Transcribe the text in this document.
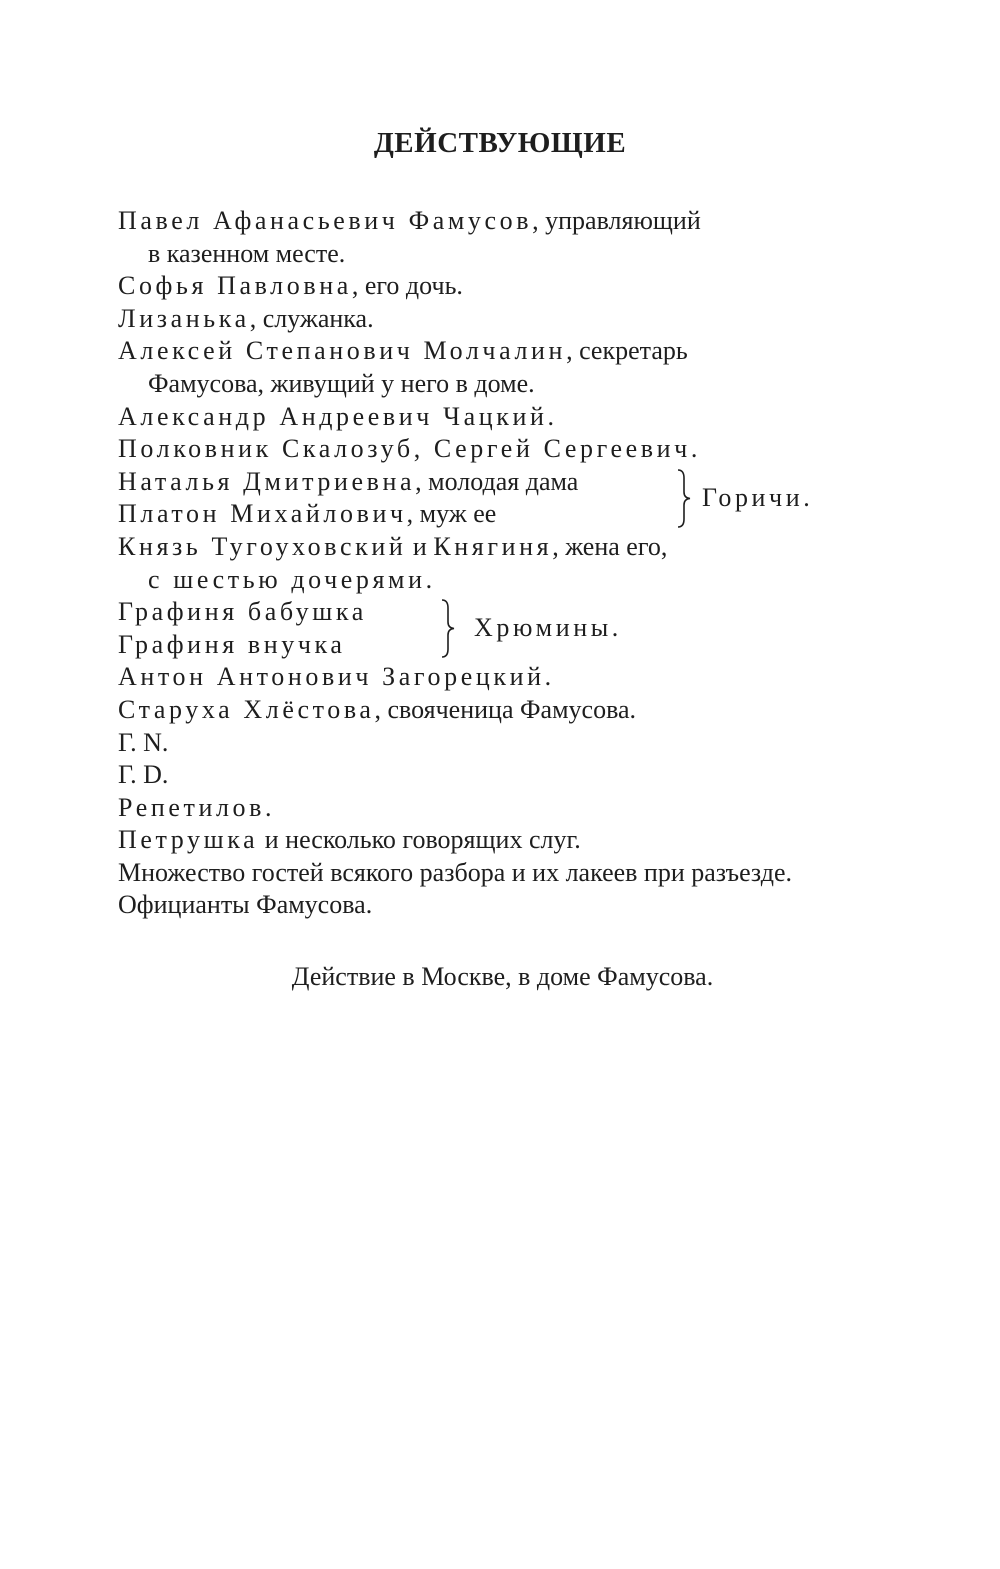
ДЕЙСТВУЮЩИЕ
Павел Афанасьевич Фамусов, управляющий
в казенном месте.
Софья Павловна, его дочь.
Лизанька, служанка.
Алексей Степанович Молчалин, секретарь
Фамусова, живущий у него в доме.
Александр Андреевич Чацкий.
Полковник Скалозуб, Сергей Сергеевич.
Наталья Дмитриевна, молодая дама
Платон Михайлович, муж ее
Горичи.
Князь Тугоуховский и Княгиня, жена его,
с шестью дочерями.
Графиня бабушка
Графиня внучка
Хрюмины.
Антон Антонович Загорецкий.
Старуха Хлёстова, свояченица Фамусова.
Г. N.
Г. D.
Репетилов.
Петрушка и несколько говорящих слуг.
Множество гостей всякого разбора и их лакеев при разъезде.
Официанты Фамусова.
Действие в Москве, в доме Фамусова.
